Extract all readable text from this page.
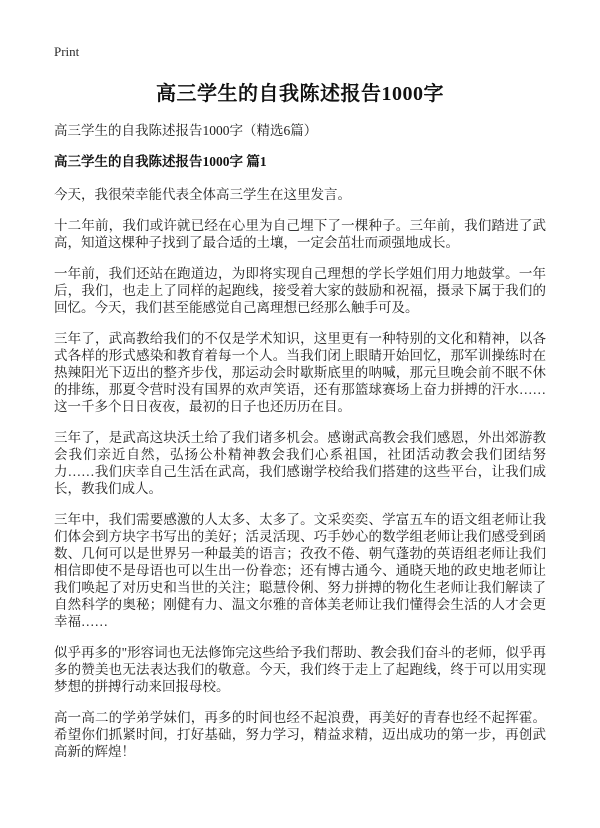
Print

高三学生的自我陈述报告1000字

高三学生的自我陈述报告1000字（精选6篇）

高三学生的自我陈述报告1000字 篇1

今天，我很荣幸能代表全体高三学生在这里发言。

十二年前，我们或许就已经在心里为自己埋下了一棵种子。三年前，我们踏进了武高，知道这棵种子找到了最合适的土壤，一定会茁壮而顽强地成长。

一年前，我们还站在跑道边，为即将实现自己理想的学长学姐们用力地鼓掌。一年后，我们，也走上了同样的起跑线，接受着大家的鼓励和祝福，摄录下属于我们的回忆。今天，我们甚至能感觉自己离理想已经那么触手可及。

三年了，武高教给我们的不仅是学术知识，这里更有一种特别的文化和精神，以各式各样的形式感染和教育着每一个人。当我们闭上眼睛开始回忆，那军训操练时在热辣阳光下迈出的整齐步伐，那运动会时歇斯底里的呐喊，那元旦晚会前不眠不休的排练，那夏令营时没有国界的欢声笑语，还有那篮球赛场上奋力拼搏的汗水……这一千多个日日夜夜，最初的日子也还历历在目。

三年了，是武高这块沃土给了我们诸多机会。感谢武高教会我们感恩，外出郊游教会我们亲近自然，弘扬公朴精神教会我们心系祖国，社团活动教会我们团结努力……我们庆幸自己生活在武高，我们感谢学校给我们搭建的这些平台，让我们成长，教我们成人。

三年中，我们需要感激的人太多、太多了。文采奕奕、学富五车的语文组老师让我们体会到方块字书写出的美好；活灵活现、巧手妙心的数学组老师让我们感受到函数、几何可以是世界另一种最美的语言；孜孜不倦、朝气蓬勃的英语组老师让我们相信即使不是母语也可以生出一份眷恋；还有博古通今、通晓天地的政史地老师让我们唤起了对历史和当世的关注；聪慧伶俐、努力拼搏的物化生老师让我们解读了自然科学的奥秘；刚健有力、温文尔雅的音体美老师让我们懂得会生活的人才会更幸福……

似乎再多的"形容词也无法修饰完这些给予我们帮助、教会我们奋斗的老师，似乎再多的赞美也无法表达我们的敬意。今天，我们终于走上了起跑线，终于可以用实现梦想的拼搏行动来回报母校。

高一高二的学弟学妹们，再多的时间也经不起浪费，再美好的青春也经不起挥霍。希望你们抓紧时间，打好基础，努力学习，精益求精，迈出成功的第一步，再创武高新的辉煌！
